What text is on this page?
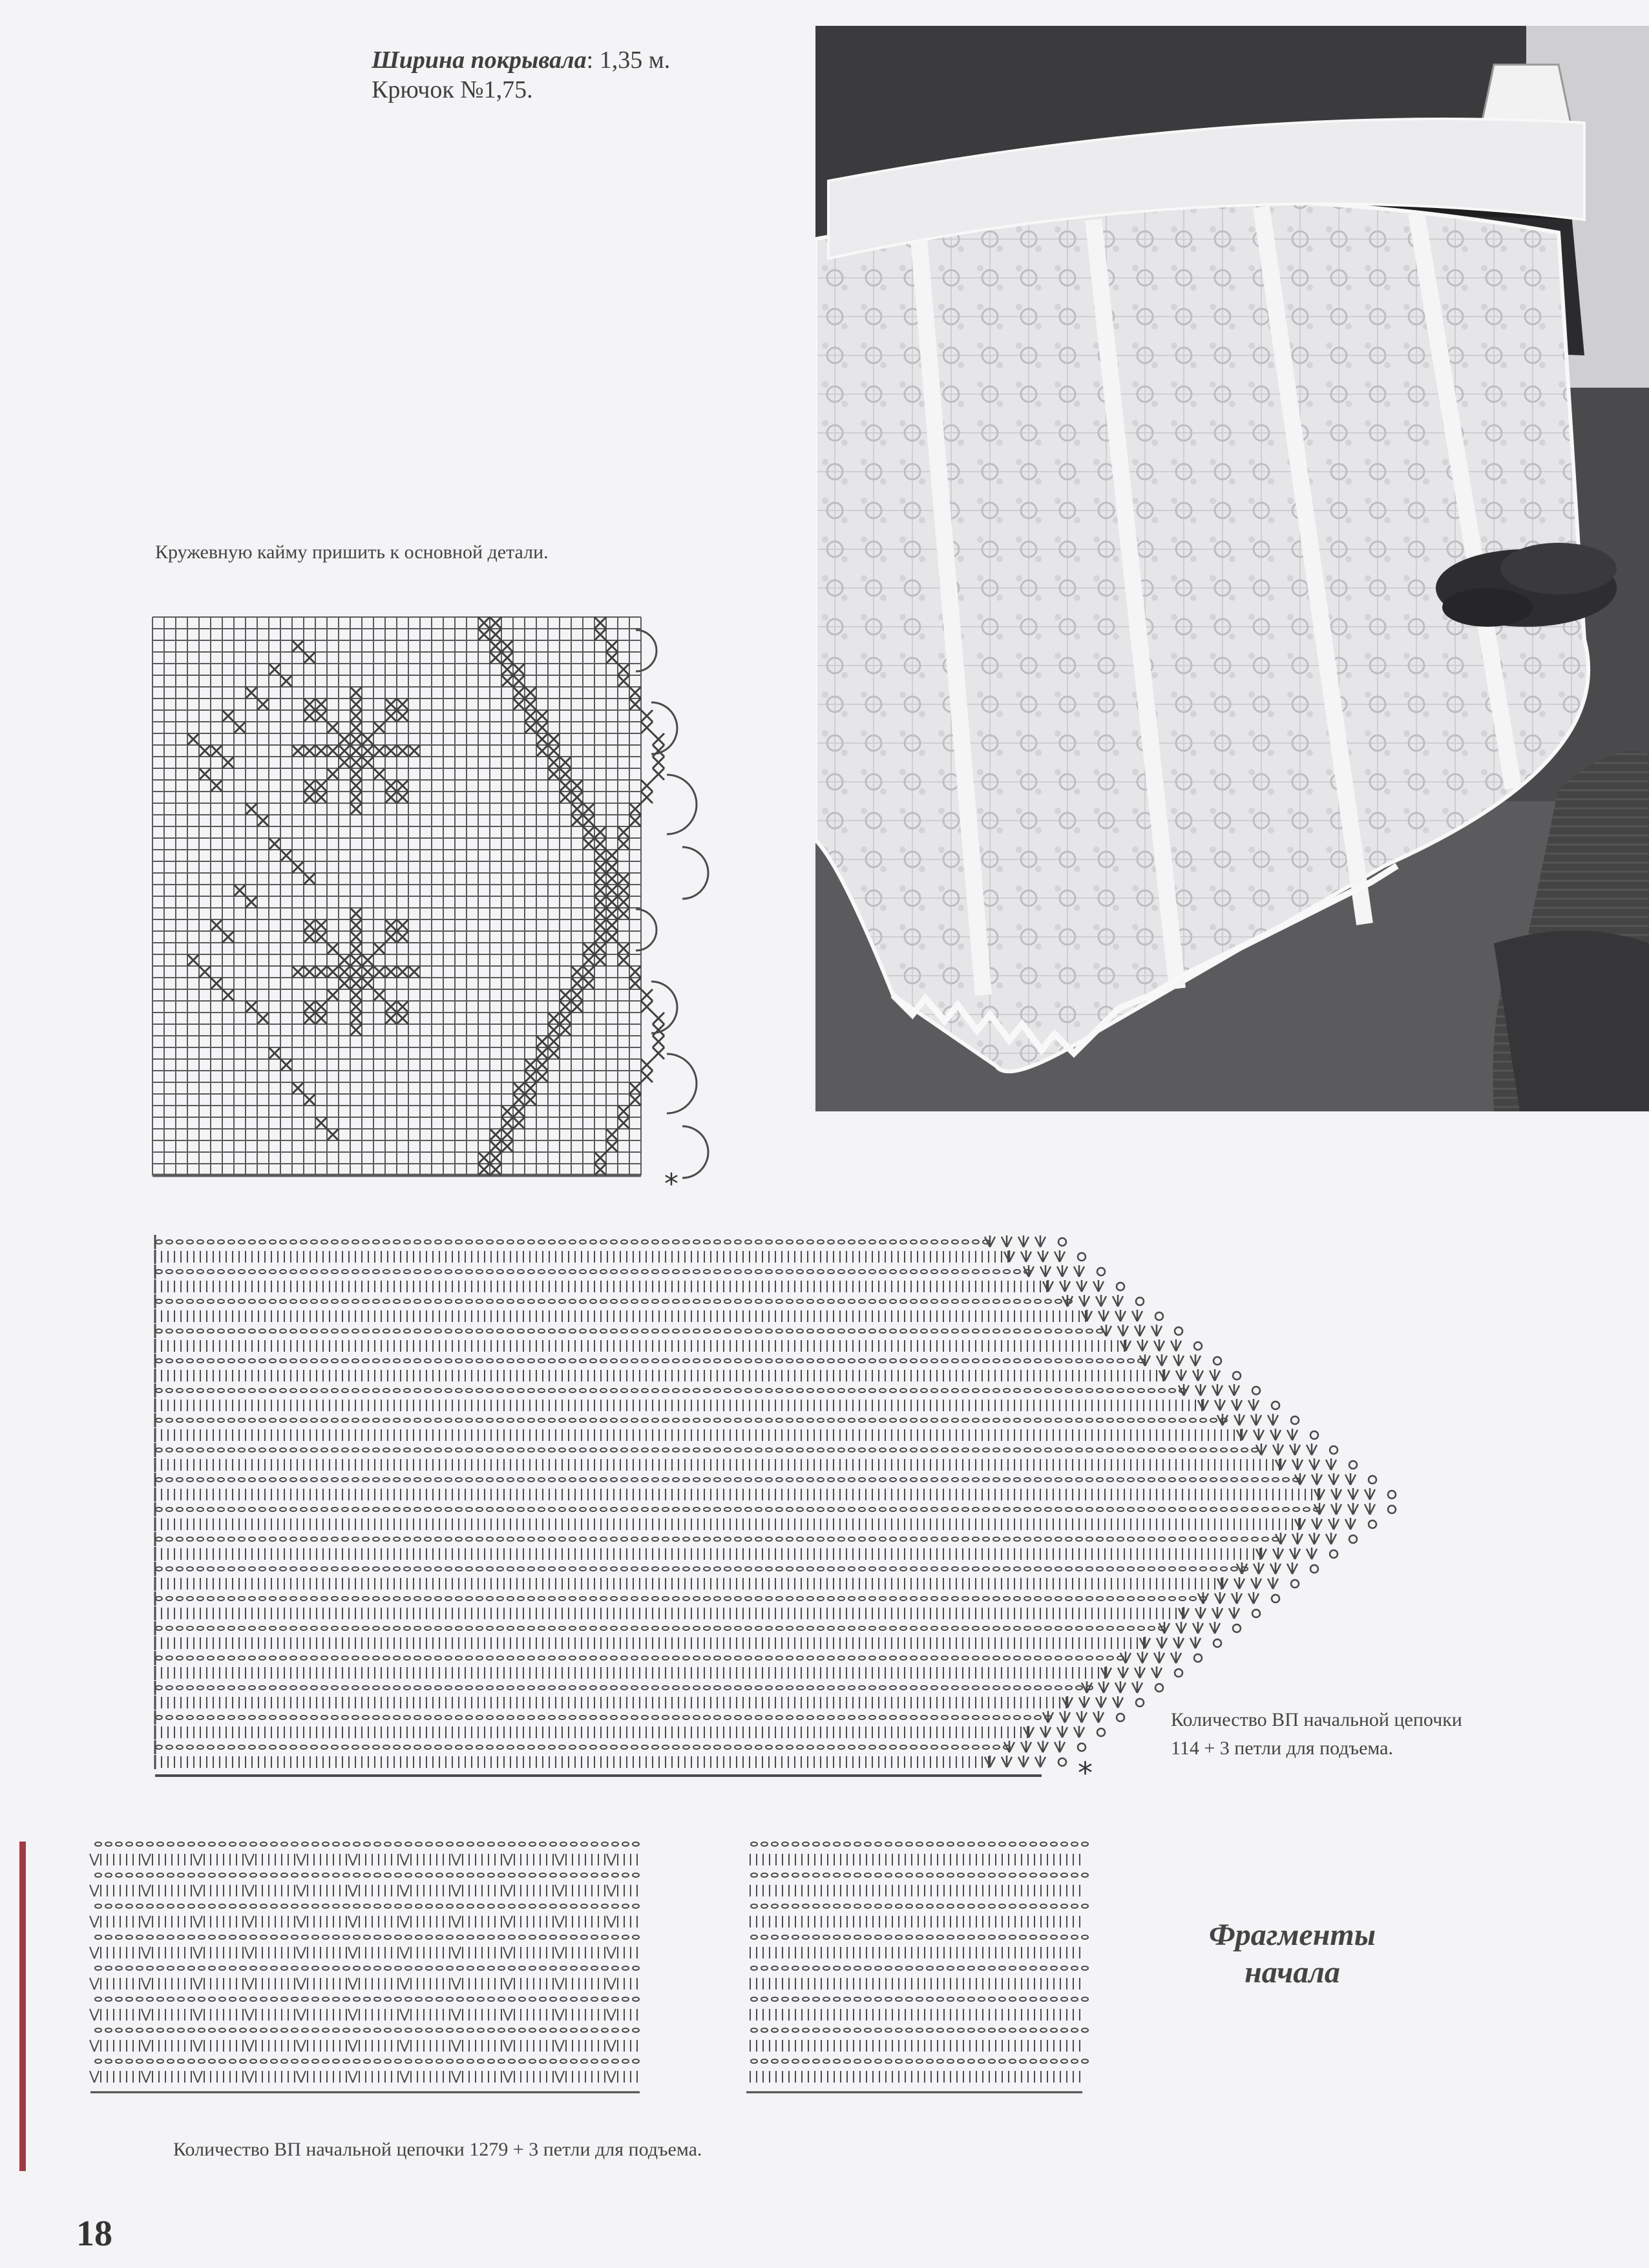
Ширина покрывала: 1,35 м.
Крючок №1,75.
Кружевную кайму пришить к основной детали.
*
*
Количество ВП начальной цепочки
114 + 3 петли для подъема.
Фрагменты
начала
Количество ВП начальной цепочки 1279 + 3 петли для подъема.
18
